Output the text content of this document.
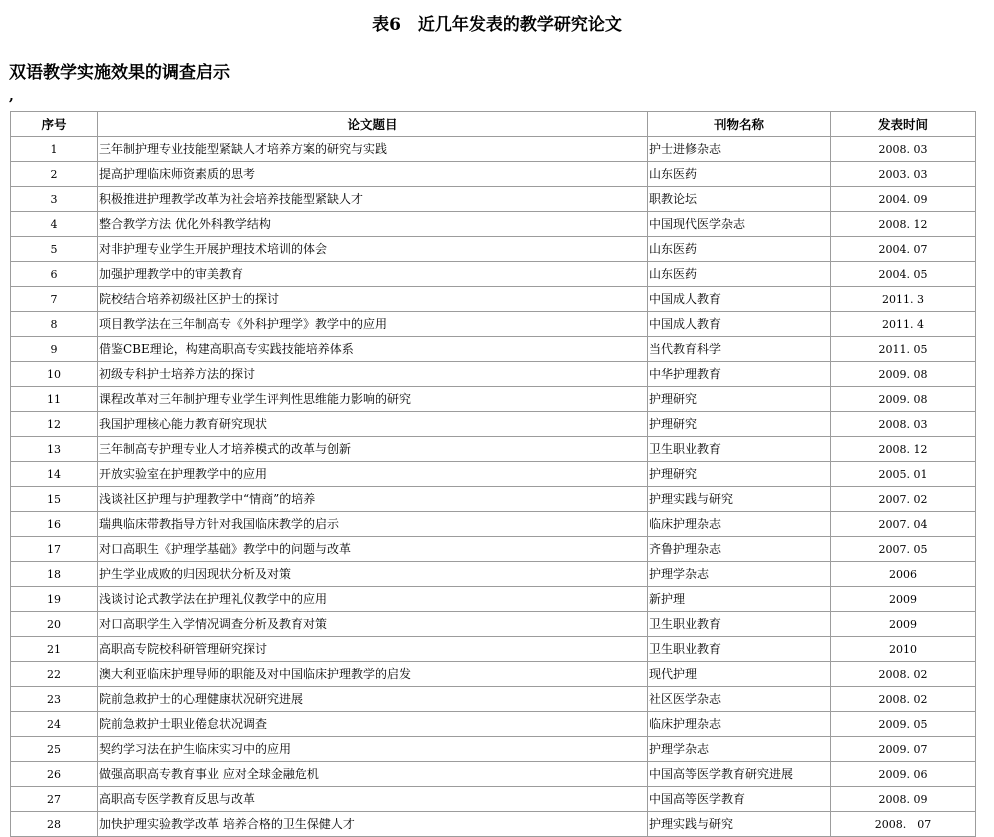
表6　近几年发表的教学研究论文
双语教学实施效果的调查启示
,
序号	论文题目	刊物名称	发表时间
1	三年制护理专业技能型紧缺人才培养方案的研究与实践	护士进修杂志	2008. 03
2	提高护理临床师资素质的思考	山东医药	2003. 03
3	积极推进护理教学改革为社会培养技能型紧缺人才	职教论坛	2004. 09
4	整合教学方法 优化外科教学结构	中国现代医学杂志	2008. 12
5	对非护理专业学生开展护理技术培训的体会	山东医药	2004. 07
6	加强护理教学中的审美教育	山东医药	2004. 05
7	院校结合培养初级社区护士的探讨	中国成人教育	2011. 3
8	项目教学法在三年制高专《外科护理学》教学中的应用	中国成人教育	2011. 4
9	借鉴CBE理论，构建高职高专实践技能培养体系	当代教育科学	2011. 05
10	初级专科护士培养方法的探讨	中华护理教育	2009. 08
11	课程改革对三年制护理专业学生评判性思维能力影响的研究	护理研究	2009. 08
12	我国护理核心能力教育研究现状	护理研究	2008. 03
13	三年制高专护理专业人才培养模式的改革与创新	卫生职业教育	2008. 12
14	开放实验室在护理教学中的应用	护理研究	2005. 01
15	浅谈社区护理与护理教学中“情商”的培养	护理实践与研究	2007. 02
16	瑞典临床带教指导方针对我国临床教学的启示	临床护理杂志	2007. 04
17	对口高职生《护理学基础》教学中的问题与改革	齐鲁护理杂志	2007. 05
18	护生学业成败的归因现状分析及对策	护理学杂志	2006
19	浅谈讨论式教学法在护理礼仪教学中的应用	新护理	2009
20	对口高职学生入学情况调查分析及教育对策	卫生职业教育	2009
21	高职高专院校科研管理研究探讨	卫生职业教育	2010
22	澳大利亚临床护理导师的职能及对中国临床护理教学的启发	现代护理	2008. 02
23	院前急救护士的心理健康状况研究进展	社区医学杂志	2008. 02
24	院前急救护士职业倦怠状况调查	临床护理杂志	2009. 05
25	契约学习法在护生临床实习中的应用	护理学杂志	2009. 07
26	做强高职高专教育事业 应对全球金融危机	中国高等医学教育研究进展	2009. 06
27	高职高专医学教育反思与改革	中国高等医学教育	2008. 09
28	加快护理实验教学改革 培养合格的卫生保健人才	护理实践与研究	2008.　07
